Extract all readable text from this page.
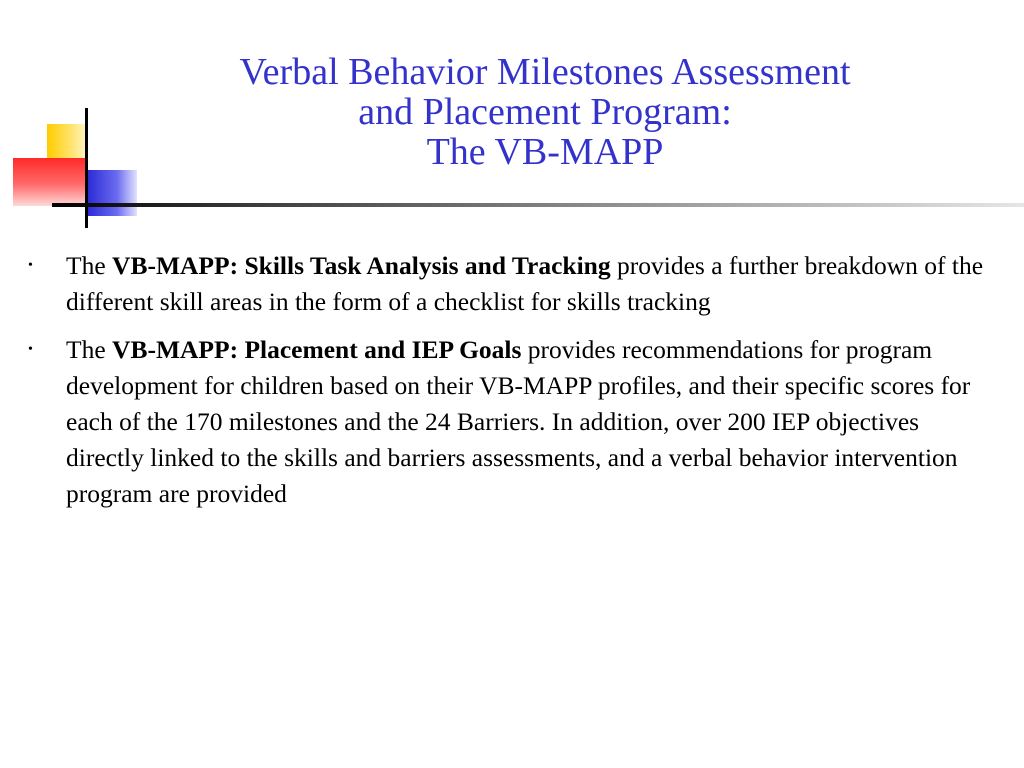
Verbal Behavior Milestones Assessment
and Placement Program:
The VB-MAPP
• The VB-MAPP: Skills Task Analysis and Tracking provides a further breakdown of the different skill areas in the form of a checklist for skills tracking
• The VB-MAPP: Placement and IEP Goals provides recommendations for program development for children based on their VB-MAPP profiles, and their specific scores for each of the 170 milestones and the 24 Barriers. In addition, over 200 IEP objectives directly linked to the skills and barriers assessments, and a verbal behavior intervention program are provided
